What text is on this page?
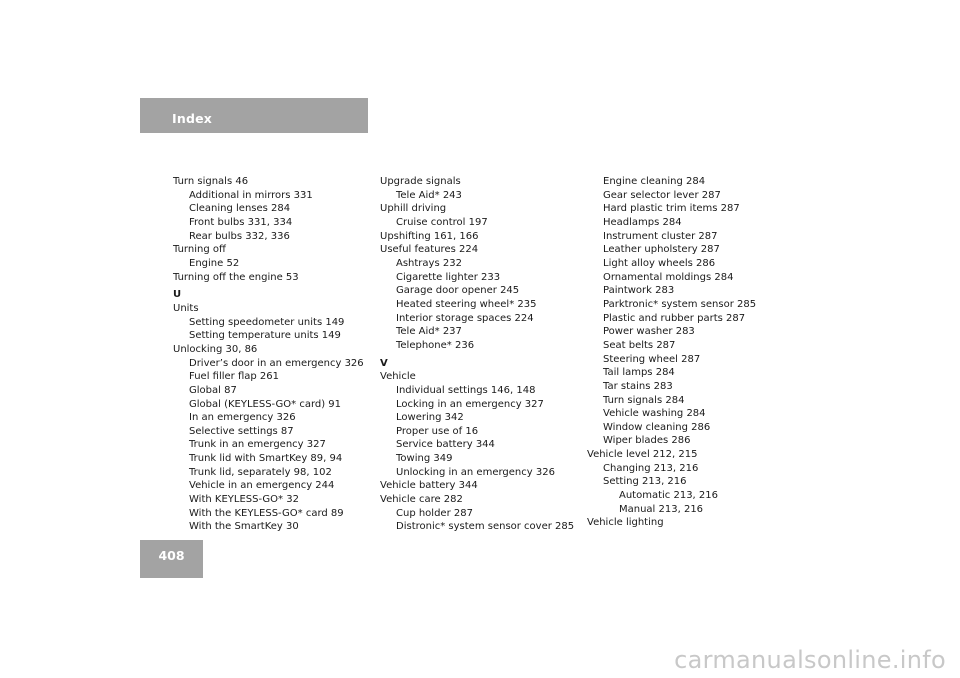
Index
Turn signals 46
Additional in mirrors 331
Cleaning lenses 284
Front bulbs 331, 334
Rear bulbs 332, 336
Turning off
Engine 52
Turning off the engine 53
U
Units
Setting speedometer units 149
Setting temperature units 149
Unlocking 30, 86
Driver’s door in an emergency 326
Fuel filler flap 261
Global 87
Global (KEYLESS-GO* card) 91
In an emergency 326
Selective settings 87
Trunk in an emergency 327
Trunk lid with SmartKey 89, 94
Trunk lid, separately 98, 102
Vehicle in an emergency 244
With KEYLESS-GO* 32
With the KEYLESS-GO* card 89
With the SmartKey 30
Upgrade signals
Tele Aid* 243
Uphill driving
Cruise control 197
Upshifting 161, 166
Useful features 224
Ashtrays 232
Cigarette lighter 233
Garage door opener 245
Heated steering wheel* 235
Interior storage spaces 224
Tele Aid* 237
Telephone* 236
V
Vehicle
Individual settings 146, 148
Locking in an emergency 327
Lowering 342
Proper use of 16
Service battery 344
Towing 349
Unlocking in an emergency 326
Vehicle battery 344
Vehicle care 282
Cup holder 287
Distronic* system sensor cover 285
Engine cleaning 284
Gear selector lever 287
Hard plastic trim items 287
Headlamps 284
Instrument cluster 287
Leather upholstery 287
Light alloy wheels 286
Ornamental moldings 284
Paintwork 283
Parktronic* system sensor 285
Plastic and rubber parts 287
Power washer 283
Seat belts 287
Steering wheel 287
Tail lamps 284
Tar stains 283
Turn signals 284
Vehicle washing 284
Window cleaning 286
Wiper blades 286
Vehicle level 212, 215
Changing 213, 216
Setting 213, 216
Automatic 213, 216
Manual 213, 216
Vehicle lighting
408
carmanualsonline.info
